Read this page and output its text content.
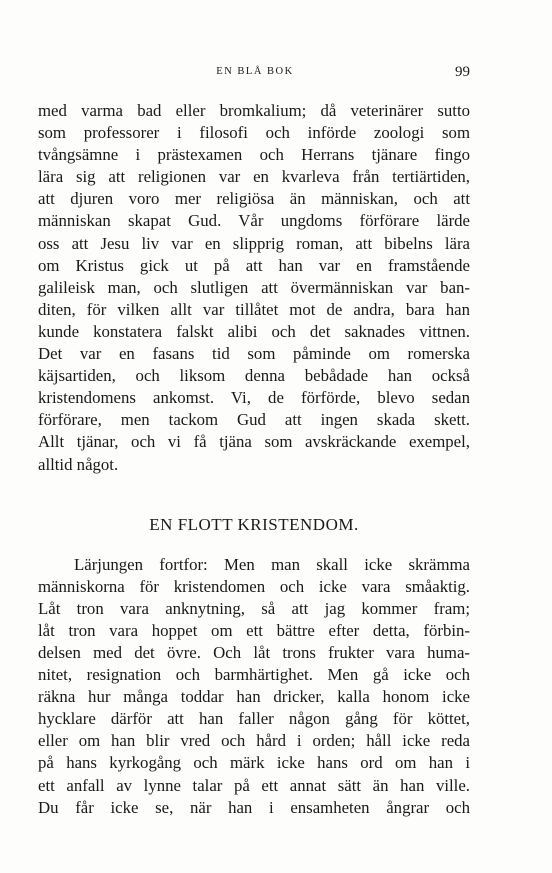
EN BLÅ BOK	99
med varma bad eller bromkalium; då veterinärer sutto
som professorer i filosofi och införde zoologi som
tvångsämne i prästexamen och Herrans tjänare fingo
lära sig att religionen var en kvarleva från tertiärtiden,
att djuren voro mer religiösa än människan, och att
människan skapat Gud. Vår ungdoms förförare lärde
oss att Jesu liv var en slipprig roman, att bibelns lära
om Kristus gick ut på att han var en framstående
galileisk man, och slutligen att övermänniskan var ban-
diten, för vilken allt var tillåtet mot de andra, bara han
kunde konstatera falskt alibi och det saknades vittnen.
Det var en fasans tid som påminde om romerska
käjsartiden, och liksom denna bebådade han också
kristendomens ankomst. Vi, de förförde, blevo sedan
förförare, men tackom Gud att ingen skada skett.
Allt tjänar, och vi få tjäna som avskräckande exempel,
alltid något.
EN FLOTT KRISTENDOM.
Lärjungen fortfor: Men man skall icke skrämma
människorna för kristendomen och icke vara småaktig.
Låt tron vara anknytning, så att jag kommer fram;
låt tron vara hoppet om ett bättre efter detta, förbin-
delsen med det övre. Och låt trons frukter vara huma-
nitet, resignation och barmhärtighet. Men gå icke och
räkna hur många toddar han dricker, kalla honom icke
hycklare därför att han faller någon gång för köttet,
eller om han blir vred och hård i orden; håll icke reda
på hans kyrkogång och märk icke hans ord om han i
ett anfall av lynne talar på ett annat sätt än han ville.
Du får icke se, när han i ensamheten ångrar och
